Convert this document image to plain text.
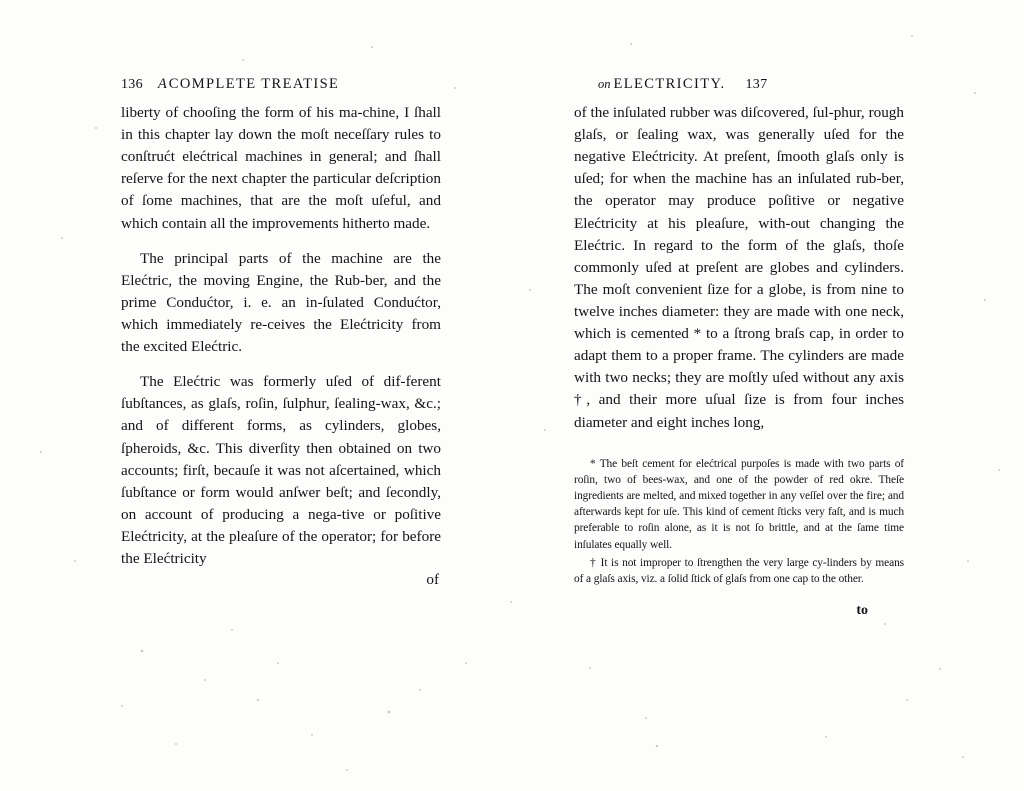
136 A COMPLETE TREATISE

liberty of chooſing the form of his ma-chine, I ſhall in this chapter lay down the moſt neceſſary rules to conſtrućt elećtrical machines in general; and ſhall reſerve for the next chapter the particular deſcription of ſome machines, that are the moſt uſeful, and which contain all the improvements hitherto made.

The principal parts of the machine are the Elećtric, the moving Engine, the Rub-ber, and the prime Condućtor, i. e. an in-ſulated Condućtor, which immediately re-ceives the Elećtricity from the excited Elećtric.

The Elećtric was formerly uſed of dif-ferent ſubſtances, as glaſs, roſin, ſulphur, ſealing-wax, &c.; and of different forms, as cylinders, globes, ſpheroids, &c. This diverſity then obtained on two accounts; firſt, becauſe it was not aſcertained, which ſubſtance or form would anſwer beſt; and ſecondly, on account of producing a nega-tive or poſitive Elećtricity, at the pleaſure of the operator; for before the Elećtricity

of
on ELECTRICITY. 137

of the inſulated rubber was diſcovered, ſul-phur, rough glaſs, or ſealing wax, was generally uſed for the negative Elećtricity. At preſent, ſmooth glaſs only is uſed; for when the machine has an inſulated rub-ber, the operator may produce poſitive or negative Elećtricity at his pleaſure, with-out changing the Elećtric. In regard to the form of the glaſs, thoſe commonly uſed at preſent are globes and cylinders. The moſt convenient ſize for a globe, is from nine to twelve inches diameter: they are made with one neck, which is cemented * to a ſtrong braſs cap, in order to adapt them to a proper frame. The cylinders are made with two necks; they are moſtly uſed without any axis †, and their more uſual ſize is from four inches diameter and eight inches long,

* The beſt cement for elećtrical purpoſes is made with two parts of roſin, two of bees-wax, and one of the powder of red okre. Theſe ingredients are melted, and mixed together in any veſſel over the fire; and afterwards kept for uſe. This kind of cement ſticks very faſt, and is much preferable to roſin alone, as it is not ſo brittle, and at the ſame time inſulates equally well.

† It is not improper to ſtrengthen the very large cy-linders by means of a glaſs axis, viz. a ſolid ſtick of glaſs from one cap to the other.

to
